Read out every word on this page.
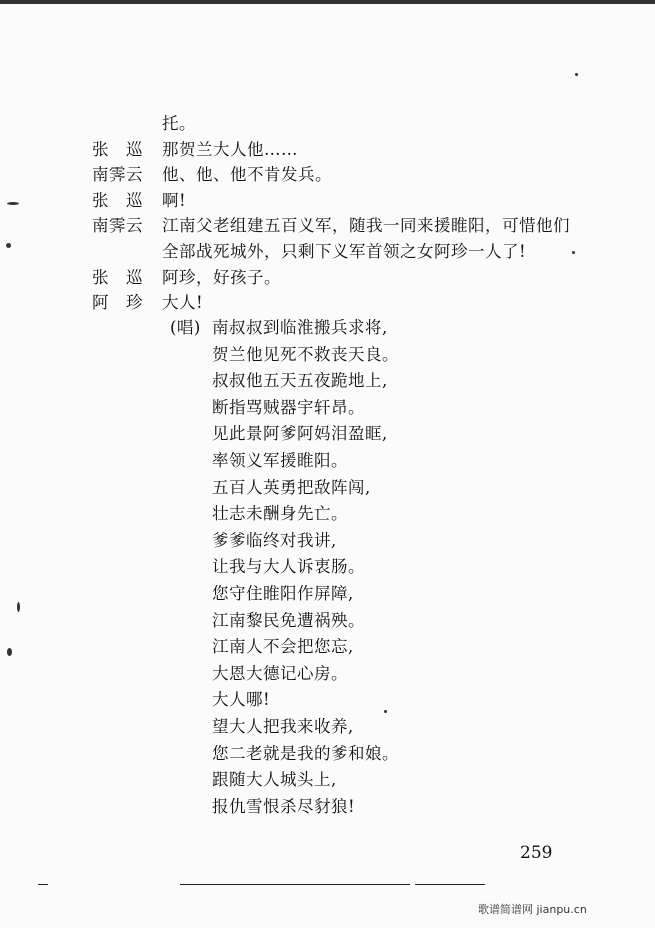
托。
张　巡 那贺兰大人他……
南霁云 他、他、他不肯发兵。
张　巡 啊!
南霁云 江南父老组建五百义军，随我一同来援睢阳，可惜他们
全部战死城外，只剩下义军首领之女阿珍一人了!
张　巡 阿珍，好孩子。
阿　珍 大人!
(唱) 南叔叔到临淮搬兵求将,
贺兰他见死不救丧天良。
叔叔他五天五夜跪地上,
断指骂贼器宇轩昂。
见此景阿爹阿妈泪盈眶,
率领义军援睢阳。
五百人英勇把敌阵闯,
壮志未酬身先亡。
爹爹临终对我讲,
让我与大人诉衷肠。
您守住睢阳作屏障,
江南黎民免遭祸殃。
江南人不会把您忘,
大恩大德记心房。
大人哪!
望大人把我来收养,
您二老就是我的爹和娘。
跟随大人城头上,
报仇雪恨杀尽豺狼!
259
歌谱简谱网 jianpu.cn
